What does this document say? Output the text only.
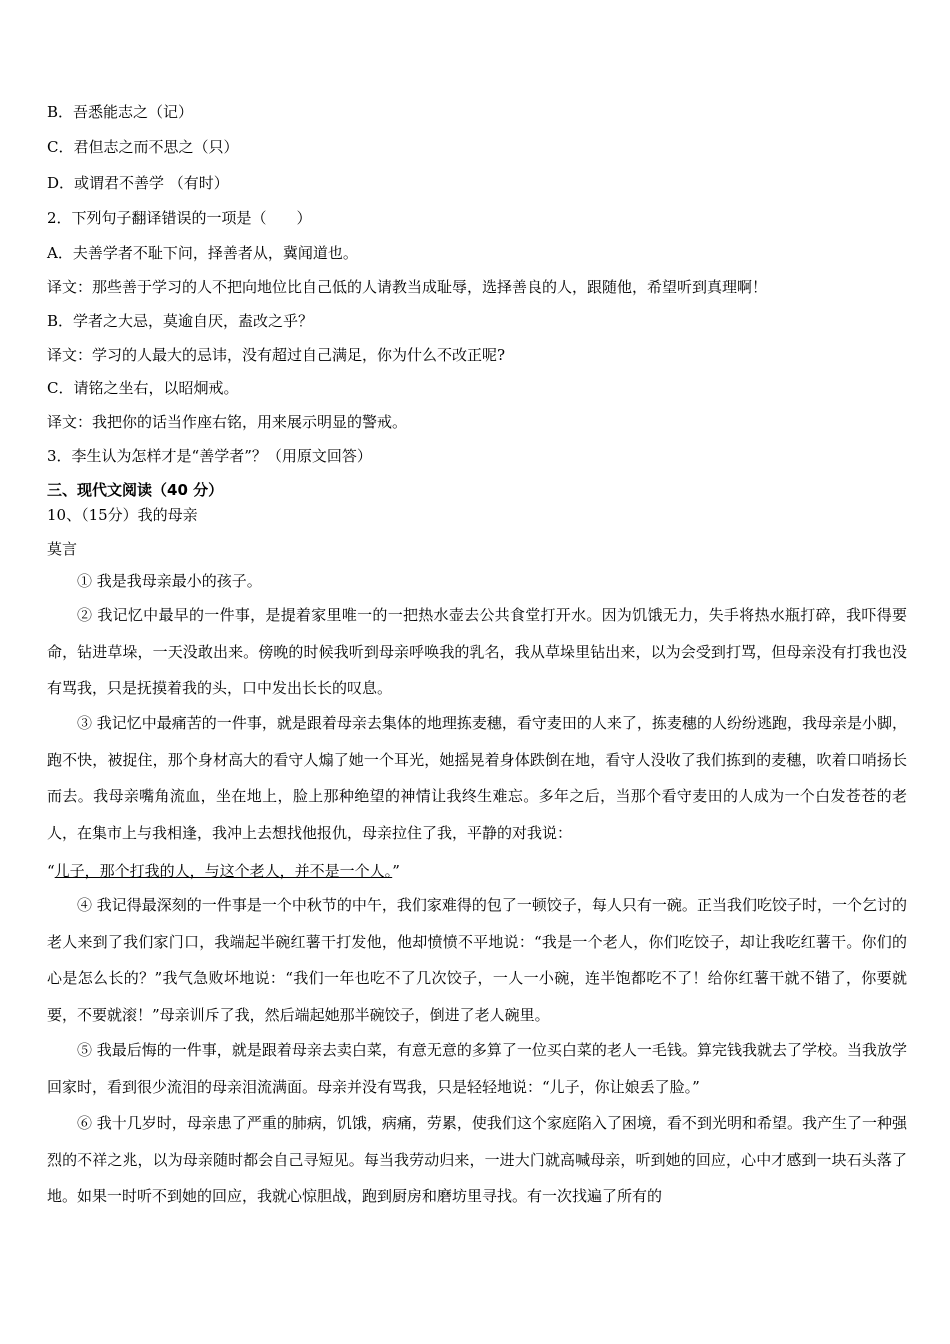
B．吾悉能志之（记）
C．君但志之而不思之（只）
D．或谓君不善学 （有时）
2．下列句子翻译错误的一项是（　　）
A．夫善学者不耻下问，择善者从，冀闻道也。
译文：那些善于学习的人不把向地位比自己低的人请教当成耻辱，选择善良的人，跟随他，希望听到真理啊！
B．学者之大忌，莫逾自厌，盍改之乎？
译文：学习的人最大的忌讳，没有超过自己满足，你为什么不改正呢?
C．请铭之坐右，以昭炯戒。
译文：我把你的话当作座右铭，用来展示明显的警戒。
3．李生认为怎样才是“善学者”？（用原文回答）
三、现代文阅读（40 分）
10、（15分）我的母亲
莫言
① 我是我母亲最小的孩子。
② 我记忆中最早的一件事，是提着家里唯一的一把热水壶去公共食堂打开水。因为饥饿无力，失手将热水瓶打碎，我吓得要命，钻进草垛，一天没敢出来。傍晚的时候我听到母亲呼唤我的乳名，我从草垛里钻出来，以为会受到打骂，但母亲没有打我也没有骂我，只是抚摸着我的头，口中发出长长的叹息。
③ 我记忆中最痛苦的一件事，就是跟着母亲去集体的地理拣麦穗，看守麦田的人来了，拣麦穗的人纷纷逃跑，我母亲是小脚，跑不快，被捉住，那个身材高大的看守人煽了她一个耳光，她摇晃着身体跌倒在地，看守人没收了我们拣到的麦穗，吹着口哨扬长而去。我母亲嘴角流血，坐在地上，脸上那种绝望的神情让我终生难忘。多年之后，当那个看守麦田的人成为一个白发苍苍的老人，在集市上与我相逢，我冲上去想找他报仇，母亲拉住了我，平静的对我说：
“儿子，那个打我的人，与这个老人，并不是一个人。”
④ 我记得最深刻的一件事是一个中秋节的中午，我们家难得的包了一顿饺子，每人只有一碗。正当我们吃饺子时，一个乞讨的老人来到了我们家门口，我端起半碗红薯干打发他，他却愤愤不平地说：“我是一个老人，你们吃饺子，却让我吃红薯干。你们的心是怎么长的？”我气急败坏地说：“我们一年也吃不了几次饺子，一人一小碗，连半饱都吃不了！给你红薯干就不错了，你要就要，不要就滚！”母亲训斥了我，然后端起她那半碗饺子，倒进了老人碗里。
⑤ 我最后悔的一件事，就是跟着母亲去卖白菜，有意无意的多算了一位买白菜的老人一毛钱。算完钱我就去了学校。当我放学回家时，看到很少流泪的母亲泪流满面。母亲并没有骂我，只是轻轻地说：“儿子，你让娘丢了脸。”
⑥ 我十几岁时，母亲患了严重的肺病，饥饿，病痛，劳累，使我们这个家庭陷入了困境，看不到光明和希望。我产生了一种强烈的不祥之兆，以为母亲随时都会自己寻短见。每当我劳动归来，一进大门就高喊母亲，听到她的回应，心中才感到一块石头落了地。如果一时听不到她的回应，我就心惊胆战，跑到厨房和磨坊里寻找。有一次找遍了所有的
